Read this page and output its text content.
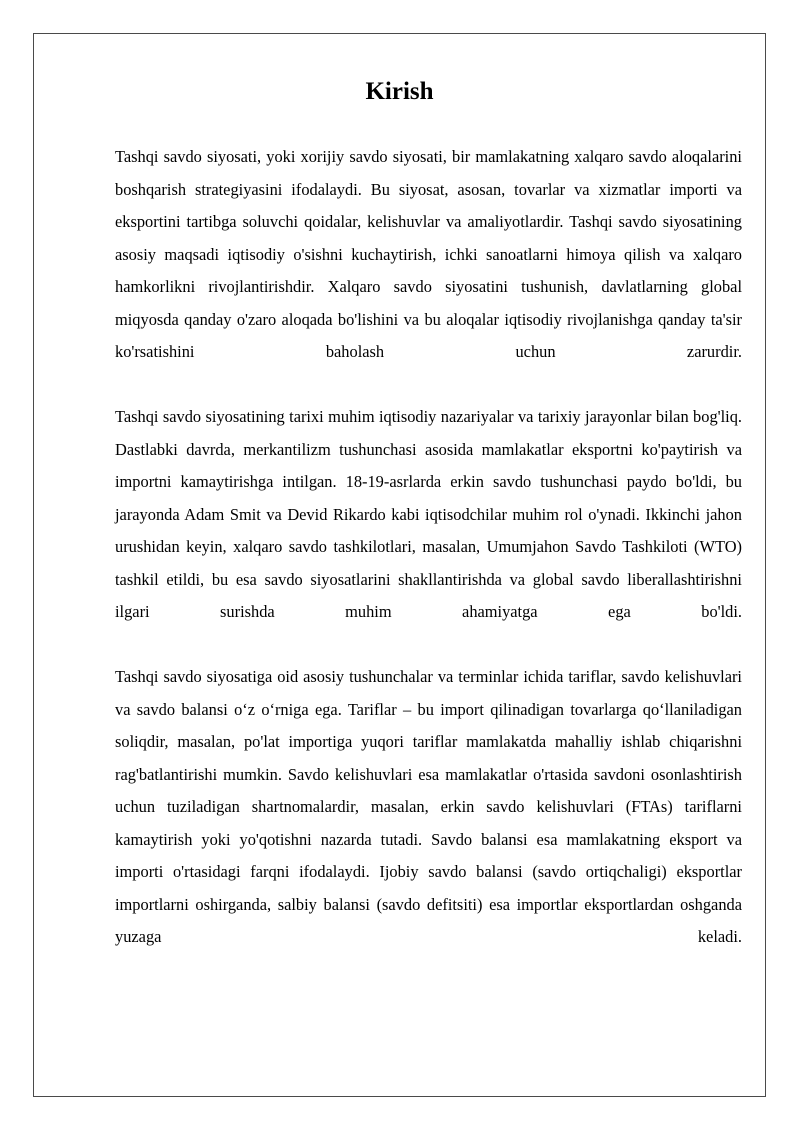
Kirish

Tashqi savdo siyosati, yoki xorijiy savdo siyosati, bir mamlakatning xalqaro savdo aloqalarini boshqarish strategiyasini ifodalaydi. Bu siyosat, asosan, tovarlar va xizmatlar importi va eksportini tartibga soluvchi qoidalar, kelishuvlar va amaliyotlardir. Tashqi savdo siyosatining asosiy maqsadi iqtisodiy o'sishni kuchaytirish, ichki sanoatlarni himoya qilish va xalqaro hamkorlikni rivojlantirishdir. Xalqaro savdo siyosatini tushunish, davlatlarning global miqyosda qanday o'zaro aloqada bo'lishini va bu aloqalar iqtisodiy rivojlanishga qanday ta'sir ko'rsatishini baholash uchun zarurdir.

Tashqi savdo siyosatining tarixi muhim iqtisodiy nazariyalar va tarixiy jarayonlar bilan bog'liq. Dastlabki davrda, merkantilizm tushunchasi asosida mamlakatlar eksportni ko'paytirish va importni kamaytirishga intilgan. 18-19-asrlarda erkin savdo tushunchasi paydo bo'ldi, bu jarayonda Adam Smit va Devid Rikardo kabi iqtisodchilar muhim rol o'ynadi. Ikkinchi jahon urushidan keyin, xalqaro savdo tashkilotlari, masalan, Umumjahon Savdo Tashkiloti (WTO) tashkil etildi, bu esa savdo siyosatlarini shakllantirishda va global savdo liberallashtirishni ilgari surishda muhim ahamiyatga ega bo'ldi.

Tashqi savdo siyosatiga oid asosiy tushunchalar va terminlar ichida tariflar, savdo kelishuvlari va savdo balansi o‘z o‘rniga ega. Tariflar – bu import qilinadigan tovarlarga qo‘llaniladigan soliqdir, masalan, po'lat importiga yuqori tariflar mamlakatda mahalliy ishlab chiqarishni rag'batlantirishi mumkin. Savdo kelishuvlari esa mamlakatlar o'rtasida savdoni osonlashtirish uchun tuziladigan shartnomalardir, masalan, erkin savdo kelishuvlari (FTAs) tariflarni kamaytirish yoki yo'qotishni nazarda tutadi. Savdo balansi esa mamlakatning eksport va importi o'rtasidagi farqni ifodalaydi. Ijobiy savdo balansi (savdo ortiqchaligi) eksportlar importlarni oshirganda, salbiy balansi (savdo defitsiti) esa importlar eksportlardan oshganda yuzaga keladi.
